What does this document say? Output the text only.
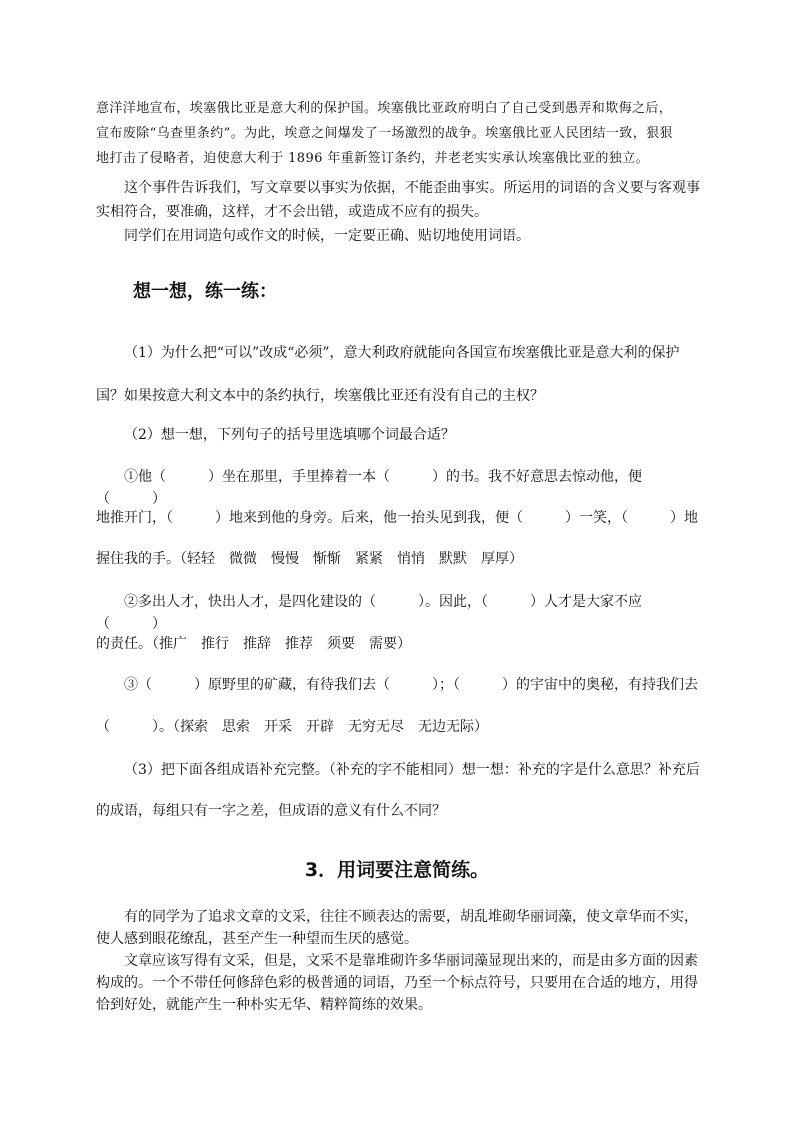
意洋洋地宣布，埃塞俄比亚是意大利的保护国。埃塞俄比亚政府明白了自己受到愚弄和欺侮之后，

宣布废除“乌查里条约”。为此，埃意之间爆发了一场激烈的战争。埃塞俄比亚人民团结一致，狠狠

地打击了侵略者，迫使意大利于 1896 年重新签订条约，并老老实实承认埃塞俄比亚的独立。

这个事件告诉我们，写文章要以事实为依据，不能歪曲事实。所运用的词语的含义要与客观事实相符合，要准确，这样，才不会出错，或造成不应有的损失。

同学们在用词造句或作文的时候，一定要正确、贴切地使用词语。

想一想，练一练：
（1）为什么把“可以”改成“必须”，意大利政府就能向各国宣布埃塞俄比亚是意大利的保护
国？如果按意大利文本中的条约执行，埃塞俄比亚还有没有自己的主权？
（2）想一想，下列句子的括号里选填哪个词最合适？
①他（　　　）坐在那里，手里捧着一本（　　　）的书。我不好意思去惊动他，便（　　　）
地推开门，（　　　）地来到他的身旁。后来，他一抬头见到我，便（　　　）一笑，（　　　）地
握住我的手。（轻轻　微微　慢慢　惭惭　紧紧　悄悄　默默　厚厚）
②多出人才，快出人才，是四化建设的（　　　）。因此，（　　　）人才是大家不应（　　　）
的责任。（推广　推行　推辞　推荐　须要　需要）
③（　　　）原野里的矿藏，有待我们去（　　　）；（　　　）的宇宙中的奥秘，有持我们去
（　　　）。（探索　思索　开采　开辟　无穷无尽　无边无际）
（3）把下面各组成语补充完整。（补充的字不能相同）想一想：补充的字是什么意思？补充后
的成语，每组只有一字之差，但成语的意义有什么不同？
3．用词要注意简练。

有的同学为了追求文章的文采，往往不顾表达的需要，胡乱堆砌华丽词藻，使文章华而不实，使人感到眼花缭乱，甚至产生一种望而生厌的感觉。

文章应该写得有文采，但是，文采不是靠堆砌许多华丽词藻显现出来的，而是由多方面的因素构成的。一个不带任何修辞色彩的极普通的词语，乃至一个标点符号，只要用在合适的地方，用得恰到好处，就能产生一种朴实无华、精粹简练的效果。
